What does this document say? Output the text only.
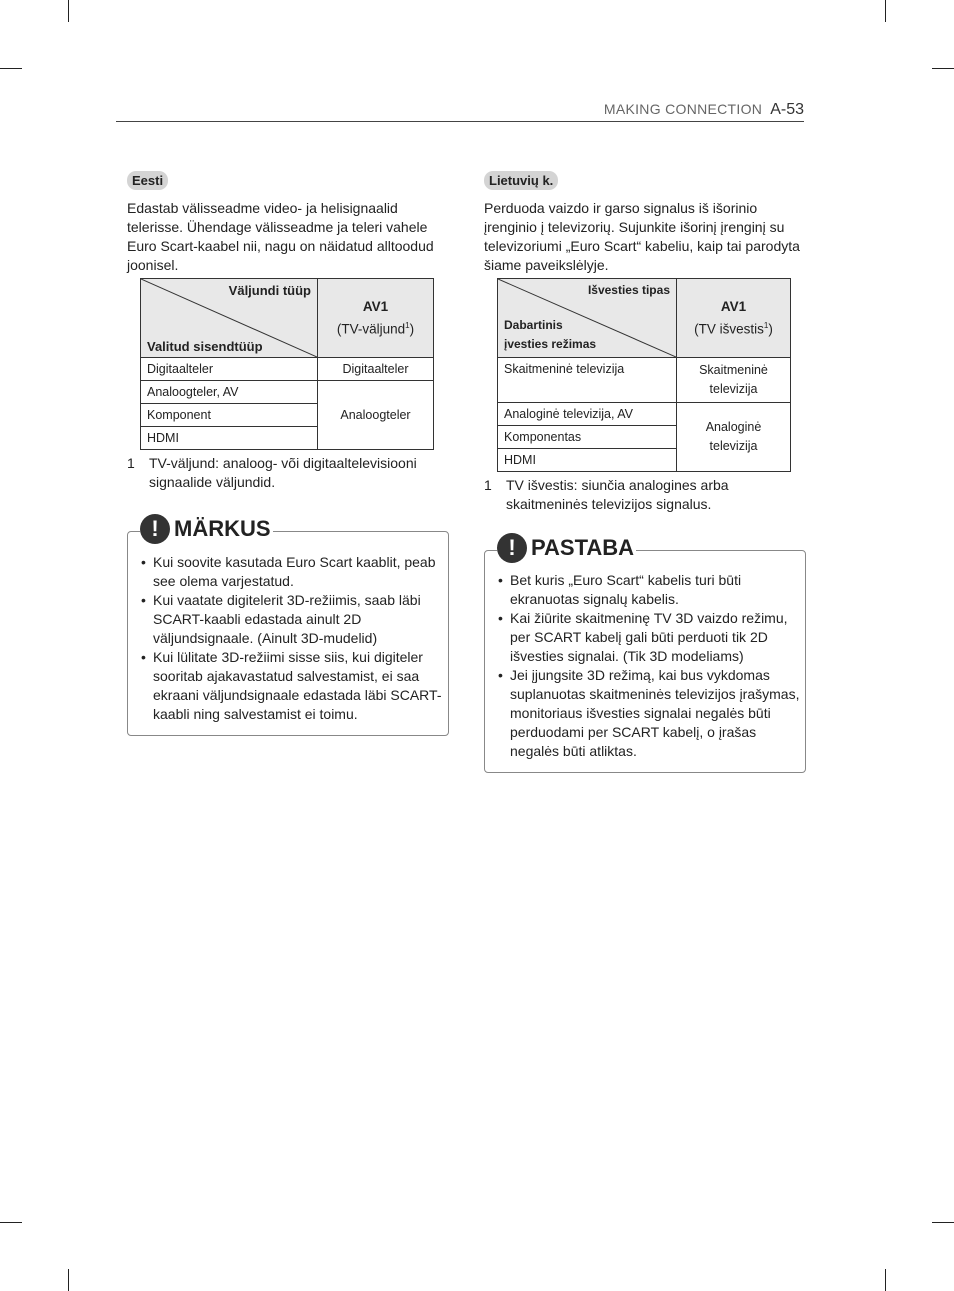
MAKING CONNECTION A-53
Eesti
Edastab välisseadme video- ja helisignaalid telerisse. Ühendage välisseadme ja teleri vahele Euro Scart-kaabel nii, nagu on näidatud alltoodud joonisel.
Väljundi tüüp
Valitud sisendtüüp	AV1
(TV-väljund$^1$)
Digitaalteler	Digitaalteler
Analoogteler, AV	Analoogteler
Komponent	
HDMI	
1	TV-väljund: analoog- või digitaaltelevisiooni signaalide väljundid.
! MÄRKUS
• Kui soovite kasutada Euro Scart kaablit, peab see olema varjestatud.
• Kui vaatate digitelerit 3D-režiimis, saab läbi SCART-kaabli edastada ainult 2D väljundsignaale. (Ainult 3D-mudelid)
• Kui lülitate 3D-režiimi sisse siis, kui digiteler sooritab ajakavastatud salvestamist, ei saa ekraani väljundsignaale edastada läbi SCART-kaabli ning salvestamist ei toimu.
Lietuvių k.
Perduoda vaizdo ir garso signalus iš išorinio įrenginio į televizorių. Sujunkite išorinį įrenginį su televizoriumi „Euro Scart“ kabeliu, kaip tai parodyta šiame paveikslėlyje.
Išvesties tipas
Dabartinis
įvesties režimas	AV1
(TV išvestis$^1$)
Skaitmeninė televizija	Skaitmeninė televizija
Analoginė televizija, AV	Analoginė televizija
Komponentas	
HDMI	
1	TV išvestis: siunčia analogines arba skaitmeninės televizijos signalus.
! PASTABA
• Bet kuris „Euro Scart“ kabelis turi būti ekranuotas signalų kabelis.
• Kai žiūrite skaitmeninę TV 3D vaizdo režimu, per SCART kabelį gali būti perduoti tik 2D išvesties signalai. (Tik 3D modeliams)
• Jei įjungsite 3D režimą, kai bus vykdomas suplanuotas skaitmeninės televizijos įrašymas, monitoriaus išvesties signalai negalės būti perduodami per SCART kabelį, o įrašas negalės būti atliktas.
